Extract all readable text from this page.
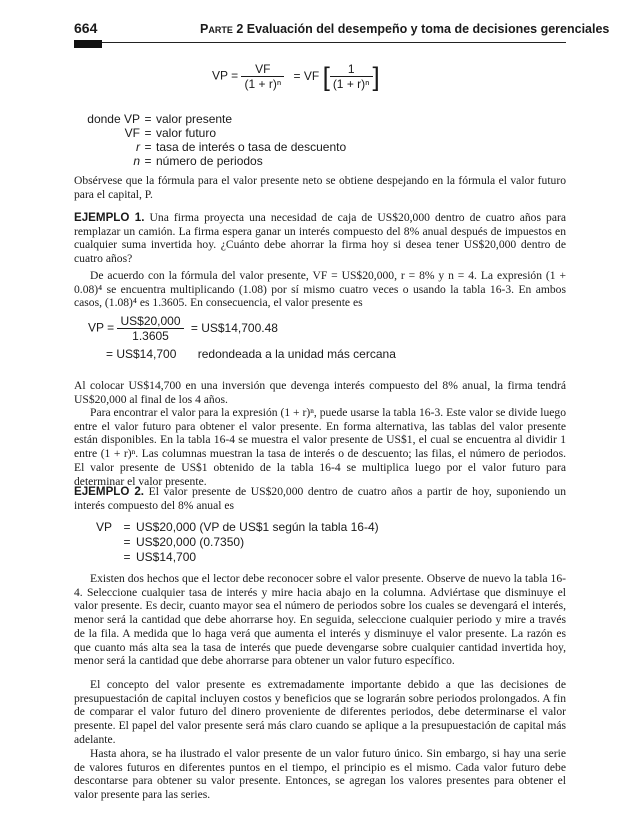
664	Parte 2 Evaluación del desempeño y toma de decisiones gerenciales
VP = $\frac{VF}{\text{(1 + r)ⁿ}}$ = VF [ $\frac{1}{\text{(1 + r)ⁿ}}$ ]
donde VP = valor presente
VF = valor futuro
r = tasa de interés o tasa de descuento
n = número de periodos
Obsérvese que la fórmula para el valor presente neto se obtiene despejando en la fórmula el valor futuro para el capital, P.
EJEMPLO 1. Una firma proyecta una necesidad de caja de US$20,000 dentro de cuatro años para remplazar un camión. La firma espera ganar un interés compuesto del 8% anual después de impuestos en cualquier suma invertida hoy. ¿Cuánto debe ahorrar la firma hoy si desea tener US$20,000 dentro de cuatro años?
De acuerdo con la fórmula del valor presente, VF = US$20,000, r = 8% y n = 4. La expresión (1 + 0.08)⁴ se encuentra multiplicando (1.08) por sí mismo cuatro veces o usando la tabla 16-3. En ambos casos, (1.08)⁴ es 1.3605. En consecuencia, el valor presente es
VP = $\frac{US\$20,000}{1.3605}$ = US$14,700.48
= US$14,700 redondeada a la unidad más cercana
Al colocar US$14,700 en una inversión que devenga interés compuesto del 8% anual, la firma tendrá US$20,000 al final de los 4 años.
Para encontrar el valor para la expresión (1 + r)ⁿ, puede usarse la tabla 16-3. Este valor se divide luego entre el valor futuro para obtener el valor presente. En forma alternativa, las tablas del valor presente están disponibles. En la tabla 16-4 se muestra el valor presente de US$1, el cual se encuentra al dividir 1 entre (1 + r)ⁿ. Las columnas muestran la tasa de interés o de descuento; las filas, el número de periodos. El valor presente de US$1 obtenido de la tabla 16-4 se multiplica luego por el valor futuro para determinar el valor presente.
EJEMPLO 2. El valor presente de US$20,000 dentro de cuatro años a partir de hoy, suponiendo un interés compuesto del 8% anual es
VP = US$20,000 (VP de US$1 según la tabla 16-4)
= US$20,000 (0.7350)
= US$14,700
Existen dos hechos que el lector debe reconocer sobre el valor presente. Observe de nuevo la tabla 16-4. Seleccione cualquier tasa de interés y mire hacia abajo en la columna. Adviértase que disminuye el valor presente. Es decir, cuanto mayor sea el número de periodos sobre los cuales se devengará el interés, menor será la cantidad que debe ahorrarse hoy. En seguida, seleccione cualquier periodo y mire a través de la fila. A medida que lo haga verá que aumenta el interés y disminuye el valor presente. La razón es que cuanto más alta sea la tasa de interés que puede devengarse sobre cualquier cantidad invertida hoy, menor será la cantidad que debe ahorrarse para obtener un valor futuro específico.
El concepto del valor presente es extremadamente importante debido a que las decisiones de presupuestación de capital incluyen costos y beneficios que se lograrán sobre periodos prolongados. A fin de comparar el valor futuro del dinero proveniente de diferentes periodos, debe determinarse el valor presente. El papel del valor presente será más claro cuando se aplique a la presupuestación de capital más adelante.
Hasta ahora, se ha ilustrado el valor presente de un valor futuro único. Sin embargo, si hay una serie de valores futuros en diferentes puntos en el tiempo, el principio es el mismo. Cada valor futuro debe descontarse para obtener su valor presente. Entonces, se agregan los valores presentes para obtener el valor presente para las series.
